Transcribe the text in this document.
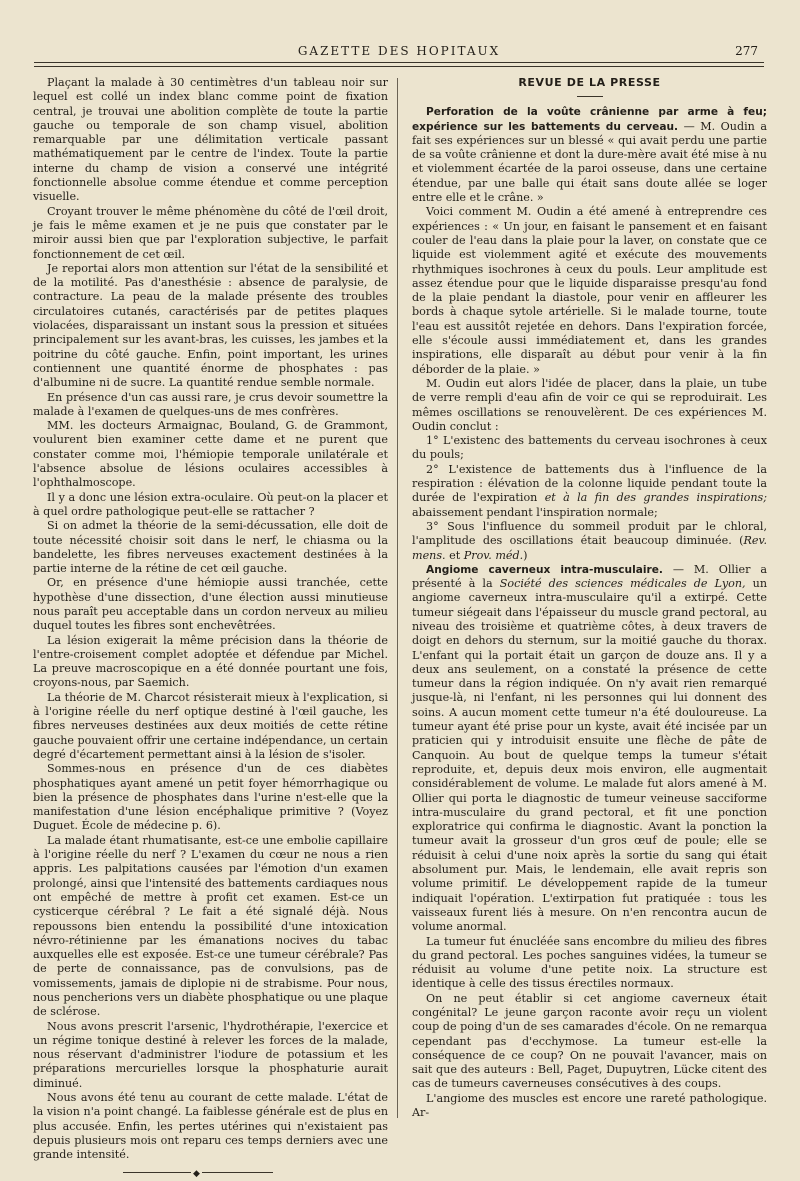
GAZETTE DES HOPITAUX	277

Plaçant la malade à 30 centimètres d'un tableau noir sur lequel est collé un index blanc comme point de fixation central, je trouvai une abolition complète de toute la partie gauche ou temporale de son champ visuel, abolition remarquable par une délimitation verticale passant mathématiquement par le centre de l'index. Toute la partie interne du champ de vision a conservé une intégrité fonctionnelle absolue comme étendue et comme perception visuelle.

Croyant trouver le même phénomène du côté de l'œil droit, je fais le même examen et je ne puis que constater par le miroir aussi bien que par l'exploration subjective, le parfait fonctionnement de cet œil.

Je reportai alors mon attention sur l'état de la sensibilité et de la motilité. Pas d'anesthésie : absence de paralysie, de contracture. La peau de la malade présente des troubles circulatoires cutanés, caractérisés par de petites plaques violacées, disparaissant un instant sous la pression et situées principalement sur les avant-bras, les cuisses, les jambes et la poitrine du côté gauche. Enfin, point important, les urines contiennent une quantité énorme de phosphates : pas d'albumine ni de sucre. La quantité rendue semble normale.

En présence d'un cas aussi rare, je crus devoir soumettre la malade à l'examen de quelques-uns de mes confrères.

MM. les docteurs Armaignac, Bouland, G. de Grammont, voulurent bien examiner cette dame et ne purent que constater comme moi, l'hémiopie temporale unilatérale et l'absence absolue de lésions oculaires accessibles à l'ophthalmoscope.

Il y a donc une lésion extra-oculaire. Où peut-on la placer et à quel ordre pathologique peut-elle se rattacher ?

Si on admet la théorie de la semi-décussation, elle doit de toute nécessité choisir soit dans le nerf, le chiasma ou la bandelette, les fibres nerveuses exactement destinées à la partie interne de la rétine de cet œil gauche.

Or, en présence d'une hémiopie aussi tranchée, cette hypothèse d'une dissection, d'une élection aussi minutieuse nous paraît peu acceptable dans un cordon nerveux au milieu duquel toutes les fibres sont enchevêtrées.

La lésion exigerait la même précision dans la théorie de l'entre-croisement complet adoptée et défendue par Michel. La preuve macroscopique en a été donnée pourtant une fois, croyons-nous, par Saemich.

La théorie de M. Charcot résisterait mieux à l'explication, si à l'origine réelle du nerf optique destiné à l'œil gauche, les fibres nerveuses destinées aux deux moitiés de cette rétine gauche pouvaient offrir une certaine indépendance, un certain degré d'écartement permettant ainsi à la lésion de s'isoler.

Sommes-nous en présence d'un de ces diabètes phosphatiques ayant amené un petit foyer hémorrhagique ou bien la présence de phosphates dans l'urine n'est-elle que la manifestation d'une lésion encéphalique primitive ? (Voyez Duguet. École de médecine p. 6).

La malade étant rhumatisante, est-ce une embolie capillaire à l'origine réelle du nerf ? L'examen du cœur ne nous a rien appris. Les palpitations causées par l'émotion d'un examen prolongé, ainsi que l'intensité des battements cardiaques nous ont empêché de mettre à profit cet examen. Est-ce un cysticerque cérébral ? Le fait a été signalé déjà. Nous repoussons bien entendu la possibilité d'une intoxication névro-rétinienne par les émanations nocives du tabac auxquelles elle est exposée. Est-ce une tumeur cérébrale? Pas de perte de connaissance, pas de convulsions, pas de vomissements, jamais de diplopie ni de strabisme. Pour nous, nous pencherions vers un diabète phosphatique ou une plaque de sclérose.

Nous avons prescrit l'arsenic, l'hydrothérapie, l'exercice et un régime tonique destiné à relever les forces de la malade, nous réservant d'administrer l'iodure de potassium et les préparations mercurielles lorsque la phosphaturie aurait diminué.

Nous avons été tenu au courant de cette malade. L'état de la vision n'a point changé. La faiblesse générale est de plus en plus accusée. Enfin, les pertes utérines qui n'existaient pas depuis plusieurs mois ont reparu ces temps derniers avec une grande intensité.

◆
REVUE DE LA PRESSE

Perforation de la voûte crânienne par arme à feu; expérience sur les battements du cerveau. — M. Oudin a fait ses expériences sur un blessé « qui avait perdu une partie de sa voûte crânienne et dont la dure-mère avait été mise à nu et violemment écartée de la paroi osseuse, dans une certaine étendue, par une balle qui était sans doute allée se loger entre elle et le crâne. »

Voici comment M. Oudin a été amené à entreprendre ces expériences : « Un jour, en faisant le pansement et en faisant couler de l'eau dans la plaie pour la laver, on constate que ce liquide est violemment agité et exécute des mouvements rhythmiques isochrones à ceux du pouls. Leur amplitude est assez étendue pour que le liquide disparaisse presqu'au fond de la plaie pendant la diastole, pour venir en affleurer les bords à chaque sytole artérielle. Si le malade tourne, toute l'eau est aussitôt rejetée en dehors. Dans l'expiration forcée, elle s'écoule aussi immédiatement et, dans les grandes inspirations, elle disparaît au début pour venir à la fin déborder de la plaie. »

M. Oudin eut alors l'idée de placer, dans la plaie, un tube de verre rempli d'eau afin de voir ce qui se reproduirait. Les mêmes oscillations se renouvelèrent. De ces expériences M. Oudin conclut :

1° L'existenc des battements du cerveau isochrones à ceux du pouls;

2° L'existence de battements dus à l'influence de la respiration : élévation de la colonne liquide pendant toute la durée de l'expiration et à la fin des grandes inspirations; abaissement pendant l'inspiration normale;

3° Sous l'influence du sommeil produit par le chloral, l'amplitude des oscillations était beaucoup diminuée. (Rev. mens. et Prov. méd.)

Angiome caverneux intra-musculaire. — M. Ollier a présenté à la Société des sciences médicales de Lyon, un angiome caverneux intra-musculaire qu'il a extirpé. Cette tumeur siégeait dans l'épaisseur du muscle grand pectoral, au niveau des troisième et quatrième côtes, à deux travers de doigt en dehors du sternum, sur la moitié gauche du thorax. L'enfant qui la portait était un garçon de douze ans. Il y a deux ans seulement, on a constaté la présence de cette tumeur dans la région indiquée. On n'y avait rien remarqué jusque-là, ni l'enfant, ni les personnes qui lui donnent des soins. A aucun moment cette tumeur n'a été douloureuse. La tumeur ayant été prise pour un kyste, avait été incisée par un praticien qui y introduisit ensuite une flèche de pâte de Canquoin. Au bout de quelque temps la tumeur s'était reproduite, et, depuis deux mois environ, elle augmentait considérablement de volume. Le malade fut alors amené à M. Ollier qui porta le diagnostic de tumeur veineuse sacciforme intra-musculaire du grand pectoral, et fit une ponction exploratrice qui confirma le diagnostic. Avant la ponction la tumeur avait la grosseur d'un gros œuf de poule; elle se réduisit à celui d'une noix après la sortie du sang qui était absolument pur. Mais, le lendemain, elle avait repris son volume primitif. Le développement rapide de la tumeur indiquait l'opération. L'extirpation fut pratiquée : tous les vaisseaux furent liés à mesure. On n'en rencontra aucun de volume anormal.

La tumeur fut énucléée sans encombre du milieu des fibres du grand pectoral. Les poches sanguines vidées, la tumeur se réduisit au volume d'une petite noix. La structure est identique à celle des tissus érectiles normaux.

On ne peut établir si cet angiome caverneux était congénital? Le jeune garçon raconte avoir reçu un violent coup de poing d'un de ses camarades d'école. On ne remarqua cependant pas d'ecchymose. La tumeur est-elle la conséquence de ce coup? On ne pouvait l'avancer, mais on sait que des auteurs : Bell, Paget, Dupuytren, Lücke citent des cas de tumeurs caverneuses consécutives à des coups.

L'angiome des muscles est encore une rareté pathologique. Ar-
